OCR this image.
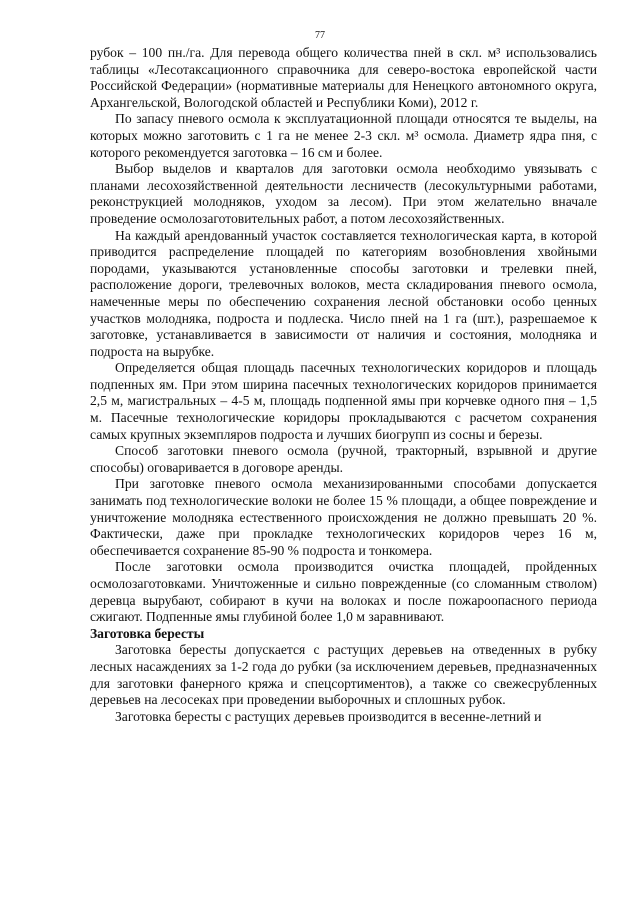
77

рубок – 100 пн./га. Для перевода общего количества пней в скл. м³ использовались таблицы «Лесотаксационного справочника для северо-востока европейской части Российской Федерации» (нормативные материалы для Ненецкого автономного округа, Архангельской, Вологодской областей и Республики Коми), 2012 г.

По запасу пневого осмола к эксплуатационной площади относятся те выделы, на которых можно заготовить с 1 га не менее 2-3 скл. м³ осмола. Диаметр ядра пня, с которого рекомендуется заготовка – 16 см и более.

Выбор выделов и кварталов для заготовки осмола необходимо увязывать с планами лесохозяйственной деятельности лесничеств (лесокультурными работами, реконструкцией молодняков, уходом за лесом). При этом желательно вначале проведение осмолозаготовительных работ, а потом лесохозяйственных.

На каждый арендованный участок составляется технологическая карта, в которой приводится распределение площадей по категориям возобновления хвойными породами, указываются установленные способы заготовки и трелевки пней, расположение дороги, трелевочных волоков, места складирования пневого осмола, намеченные меры по обеспечению сохранения лесной обстановки особо ценных участков молодняка, подроста и подлеска. Число пней на 1 га (шт.), разрешаемое к заготовке, устанавливается в зависимости от наличия и состояния, молодняка и подроста на вырубке.

Определяется общая площадь пасечных технологических коридоров и площадь подпенных ям. При этом ширина пасечных технологических коридоров принимается 2,5 м, магистральных – 4-5 м, площадь подпенной ямы при корчевке одного пня – 1,5 м. Пасечные технологические коридоры прокладываются с расчетом сохранения самых крупных экземпляров подроста и лучших биогрупп из сосны и березы.

Способ заготовки пневого осмола (ручной, тракторный, взрывной и другие способы) оговаривается в договоре аренды.

При заготовке пневого осмола механизированными способами допускается занимать под технологические волоки не более 15 % площади, а общее повреждение и уничтожение молодняка естественного происхождения не должно превышать 20 %. Фактически, даже при прокладке технологических коридоров через 16 м, обеспечивается сохранение 85-90 % подроста и тонкомера.

После заготовки осмола производится очистка площадей, пройденных осмолозаготовками. Уничтоженные и сильно поврежденные (со сломанным стволом) деревца вырубают, собирают в кучи на волоках и после пожароопасного периода сжигают. Подпенные ямы глубиной более 1,0 м заравнивают.

Заготовка бересты

Заготовка бересты допускается с растущих деревьев на отведенных в рубку лесных насаждениях за 1-2 года до рубки (за исключением деревьев, предназначенных для заготовки фанерного кряжа и спецсортиментов), а также со свежесрубленных деревьев на лесосеках при проведении выборочных и сплошных рубок.

Заготовка бересты с растущих деревьев производится в весенне-летний и
